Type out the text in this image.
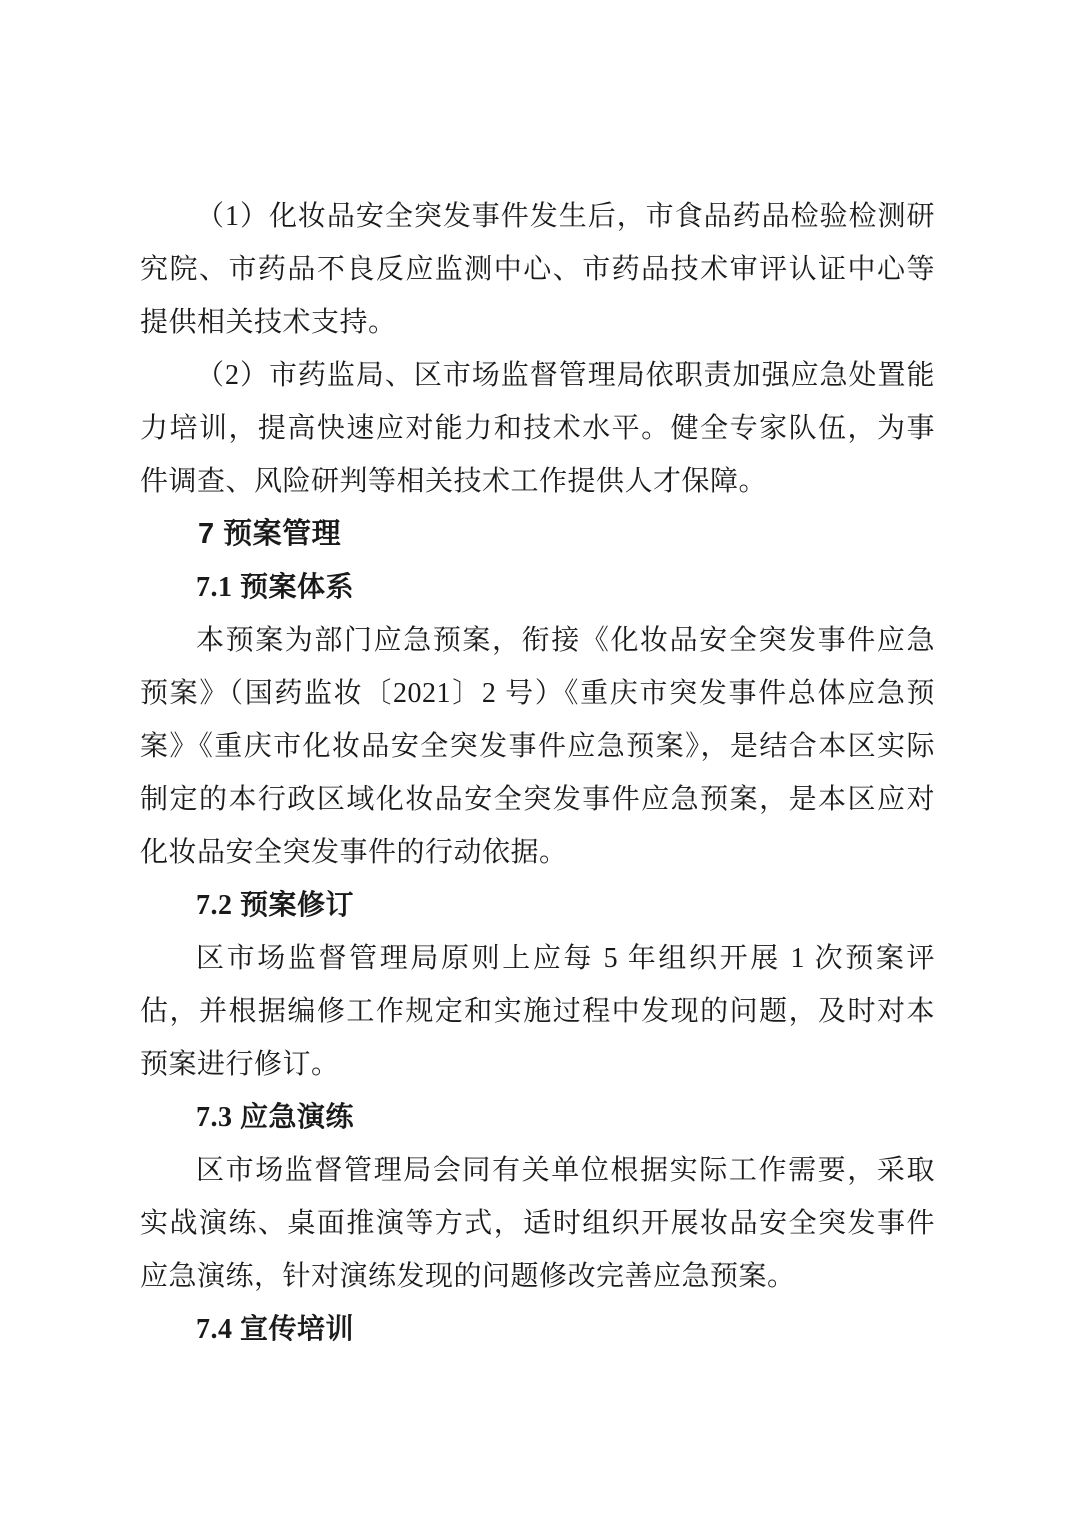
（1）化妆品安全突发事件发生后，市食品药品检验检测研究院、市药品不良反应监测中心、市药品技术审评认证中心等提供相关技术支持。

（2）市药监局、区市场监督管理局依职责加强应急处置能力培训，提高快速应对能力和技术水平。健全专家队伍，为事件调查、风险研判等相关技术工作提供人才保障。

7 预案管理

7.1 预案体系

本预案为部门应急预案，衔接《化妆品安全突发事件应急预案》（国药监妆〔2021〕2 号）《重庆市突发事件总体应急预案》《重庆市化妆品安全突发事件应急预案》，是结合本区实际制定的本行政区域化妆品安全突发事件应急预案，是本区应对化妆品安全突发事件的行动依据。

7.2 预案修订

区市场监督管理局原则上应每 5 年组织开展 1 次预案评估，并根据编修工作规定和实施过程中发现的问题，及时对本预案进行修订。

7.3 应急演练

区市场监督管理局会同有关单位根据实际工作需要，采取实战演练、桌面推演等方式，适时组织开展妆品安全突发事件应急演练，针对演练发现的问题修改完善应急预案。

7.4 宣传培训
